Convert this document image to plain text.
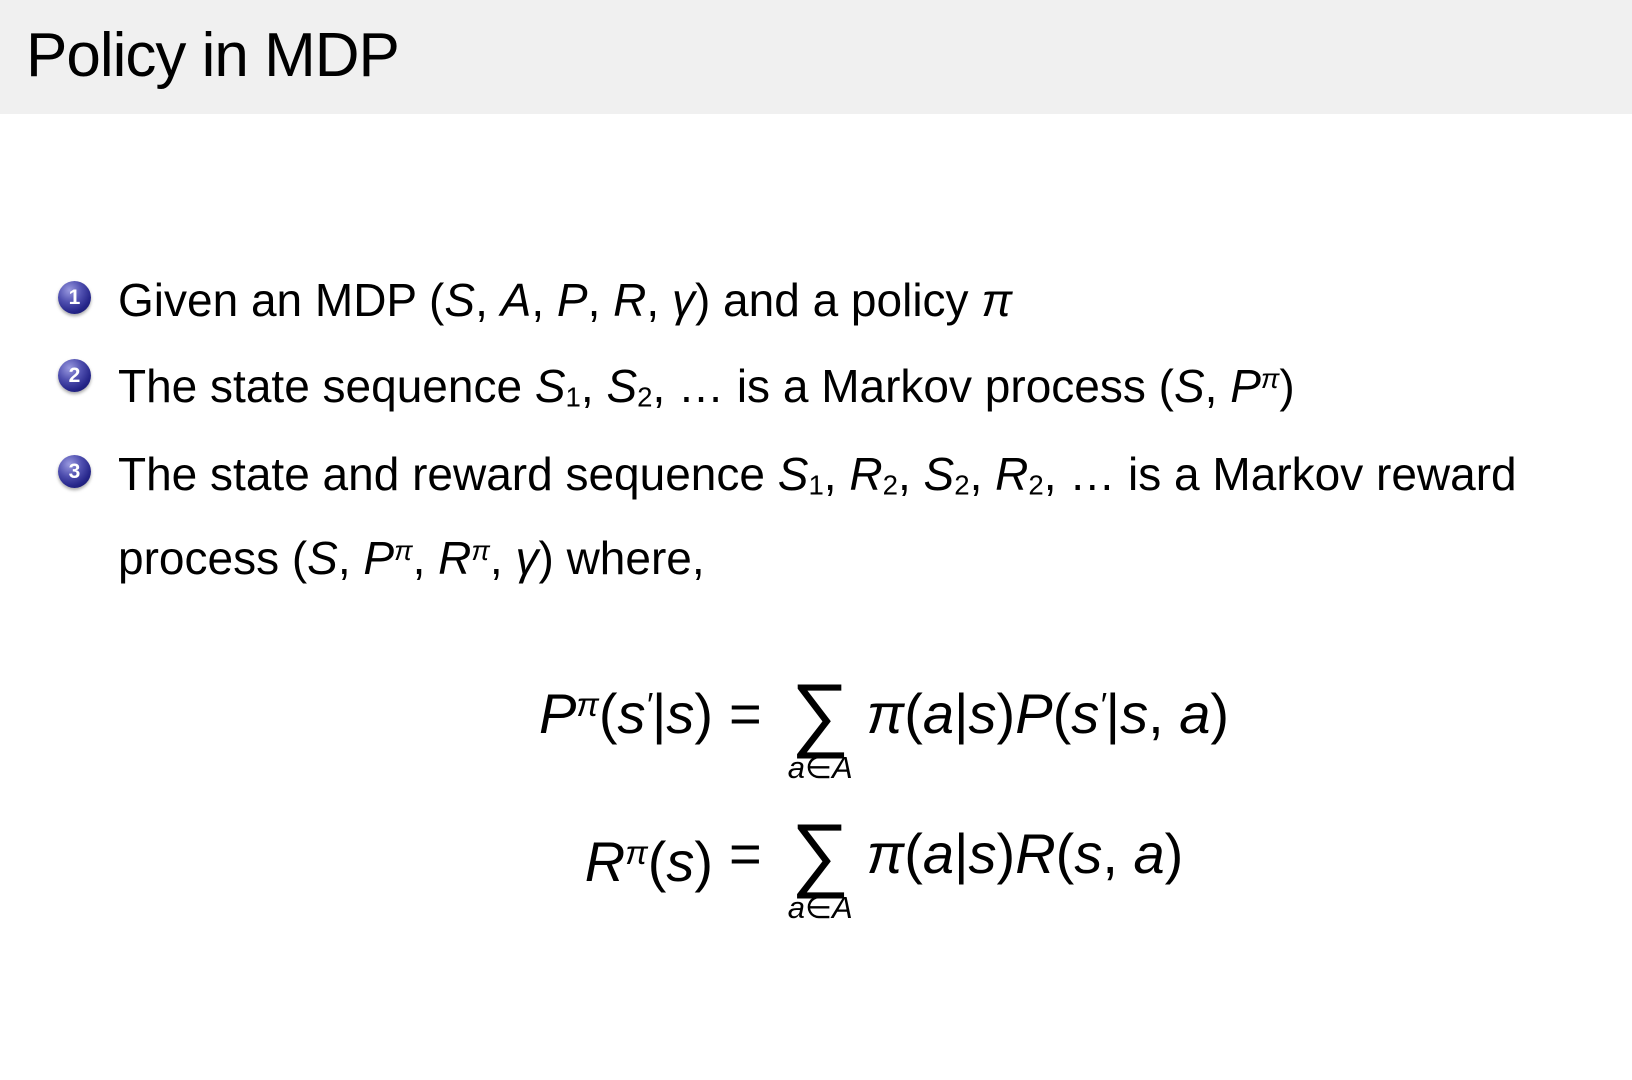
Policy in MDP
1 Given an MDP (S, A, P, R, γ) and a policy π
2 The state sequence S1, S2, … is a Markov process (S, $P^\pi$)
3 The state and reward sequence S1, R2, S2, R2, … is a Markov reward
process (S, $P^\pi$, $R^\pi$, γ) where,
$P^\pi(s'|s)$ = ∑
a∈A
π(a|s)P(s′|s, a)
$R^\pi(s)$ = ∑
a∈A
π(a|s)R(s, a)
